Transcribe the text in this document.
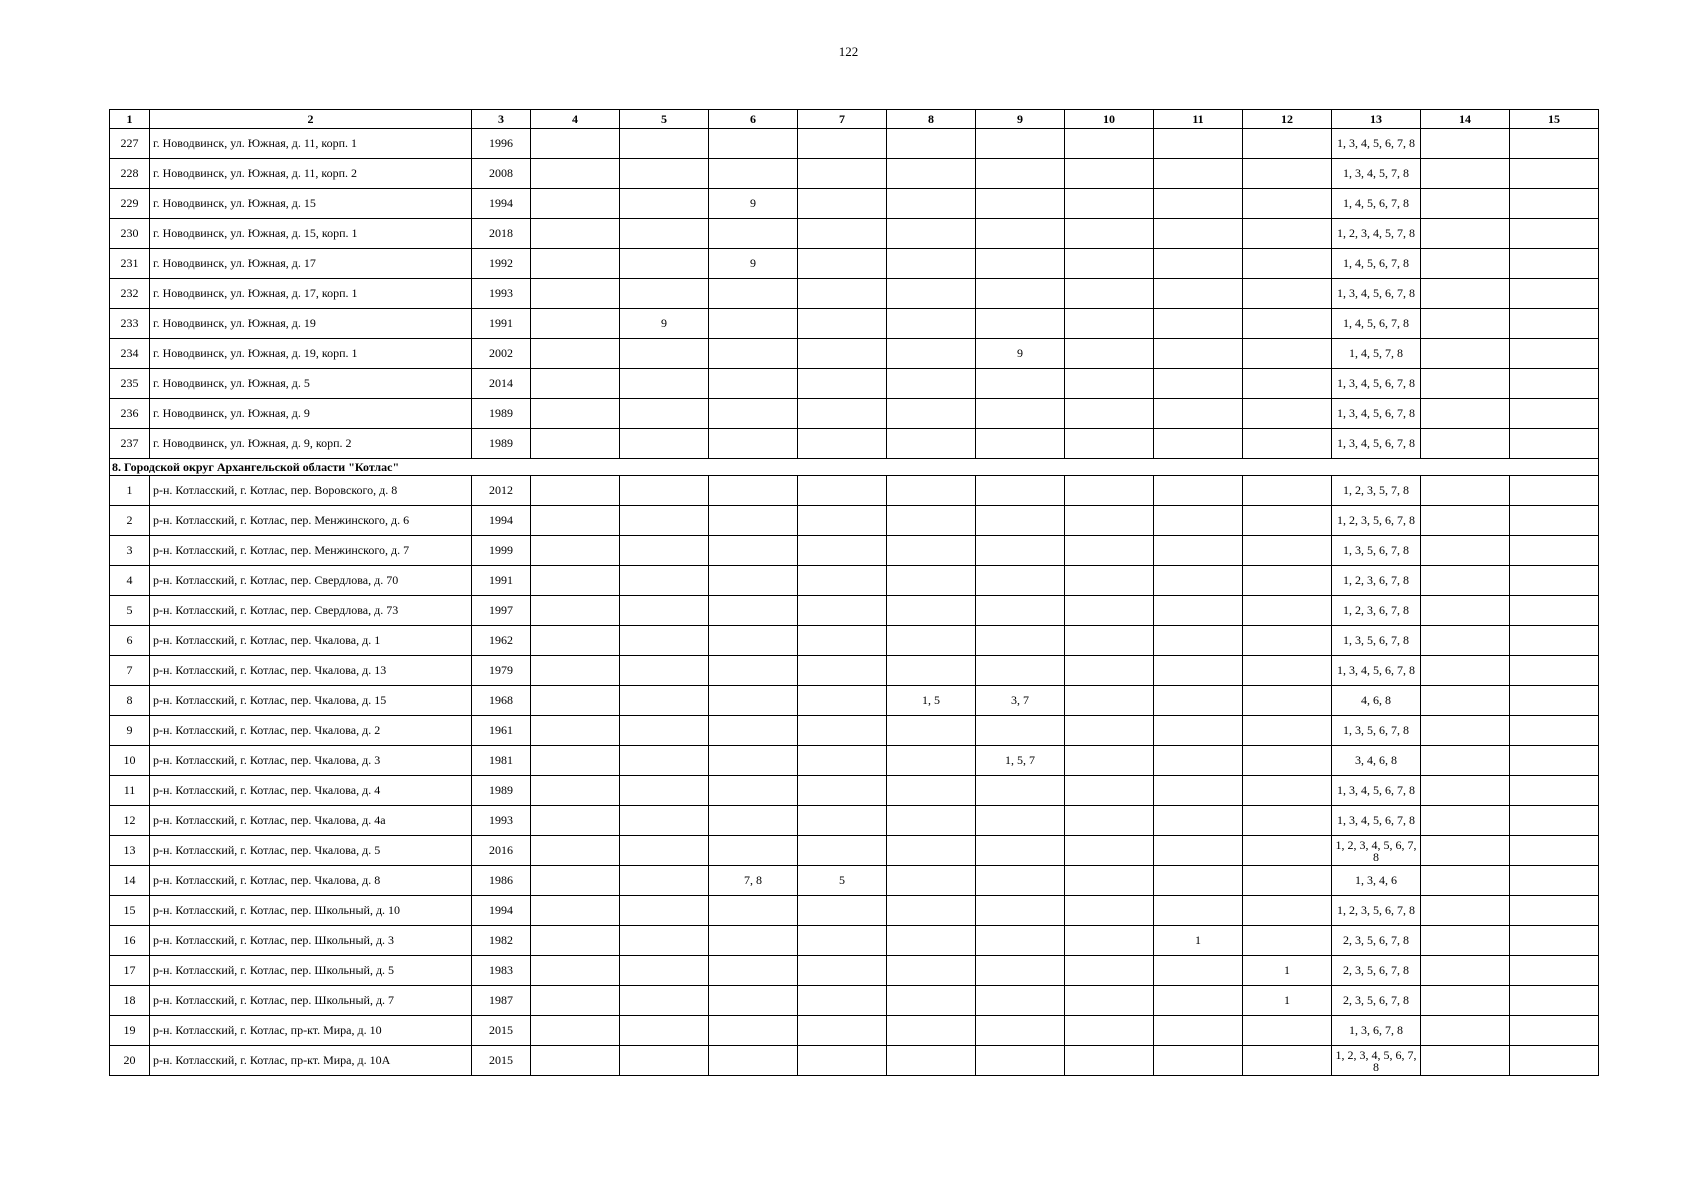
122
1	2	3	4	5	6	7	8	9	10	11	12	13	14	15
227	г. Новодвинск, ул. Южная, д. 11, корп. 1	1996										1, 3, 4, 5, 6, 7, 8		
228	г. Новодвинск, ул. Южная, д. 11, корп. 2	2008										1, 3, 4, 5, 7, 8		
229	г. Новодвинск, ул. Южная, д. 15	1994			9							1, 4, 5, 6, 7, 8		
230	г. Новодвинск, ул. Южная, д. 15, корп. 1	2018										1, 2, 3, 4, 5, 7, 8		
231	г. Новодвинск, ул. Южная, д. 17	1992			9							1, 4, 5, 6, 7, 8		
232	г. Новодвинск, ул. Южная, д. 17, корп. 1	1993										1, 3, 4, 5, 6, 7, 8		
233	г. Новодвинск, ул. Южная, д. 19	1991		9								1, 4, 5, 6, 7, 8		
234	г. Новодвинск, ул. Южная, д. 19, корп. 1	2002						9				1, 4, 5, 7, 8		
235	г. Новодвинск, ул. Южная, д. 5	2014										1, 3, 4, 5, 6, 7, 8		
236	г. Новодвинск, ул. Южная, д. 9	1989										1, 3, 4, 5, 6, 7, 8		
237	г. Новодвинск, ул. Южная, д. 9, корп. 2	1989										1, 3, 4, 5, 6, 7, 8		
8. Городской округ Архангельской области "Котлас"														
1	р-н. Котласский, г. Котлас, пер. Воровского, д. 8	2012										1, 2, 3, 5, 7, 8		
2	р-н. Котласский, г. Котлас, пер. Менжинского, д. 6	1994										1, 2, 3, 5, 6, 7, 8		
3	р-н. Котласский, г. Котлас, пер. Менжинского, д. 7	1999										1, 3, 5, 6, 7, 8		
4	р-н. Котласский, г. Котлас, пер. Свердлова, д. 70	1991										1, 2, 3, 6, 7, 8		
5	р-н. Котласский, г. Котлас, пер. Свердлова, д. 73	1997										1, 2, 3, 6, 7, 8		
6	р-н. Котласский, г. Котлас, пер. Чкалова, д. 1	1962										1, 3, 5, 6, 7, 8		
7	р-н. Котласский, г. Котлас, пер. Чкалова, д. 13	1979										1, 3, 4, 5, 6, 7, 8		
8	р-н. Котласский, г. Котлас, пер. Чкалова, д. 15	1968					1, 5	3, 7				4, 6, 8		
9	р-н. Котласский, г. Котлас, пер. Чкалова, д. 2	1961										1, 3, 5, 6, 7, 8		
10	р-н. Котласский, г. Котлас, пер. Чкалова, д. 3	1981						1, 5, 7				3, 4, 6, 8		
11	р-н. Котласский, г. Котлас, пер. Чкалова, д. 4	1989										1, 3, 4, 5, 6, 7, 8		
12	р-н. Котласский, г. Котлас, пер. Чкалова, д. 4а	1993										1, 3, 4, 5, 6, 7, 8		
13	р-н. Котласский, г. Котлас, пер. Чкалова, д. 5	2016										1, 2, 3, 4, 5, 6, 7, 8		
14	р-н. Котласский, г. Котлас, пер. Чкалова, д. 8	1986			7, 8	5						1, 3, 4, 6		
15	р-н. Котласский, г. Котлас, пер. Школьный, д. 10	1994										1, 2, 3, 5, 6, 7, 8		
16	р-н. Котласский, г. Котлас, пер. Школьный, д. 3	1982								1		2, 3, 5, 6, 7, 8		
17	р-н. Котласский, г. Котлас, пер. Школьный, д. 5	1983									1	2, 3, 5, 6, 7, 8		
18	р-н. Котласский, г. Котлас, пер. Школьный, д. 7	1987									1	2, 3, 5, 6, 7, 8		
19	р-н. Котласский, г. Котлас, пр-кт. Мира, д. 10	2015										1, 3, 6, 7, 8		
20	р-н. Котласский, г. Котлас, пр-кт. Мира, д. 10А	2015										1, 2, 3, 4, 5, 6, 7, 8		
